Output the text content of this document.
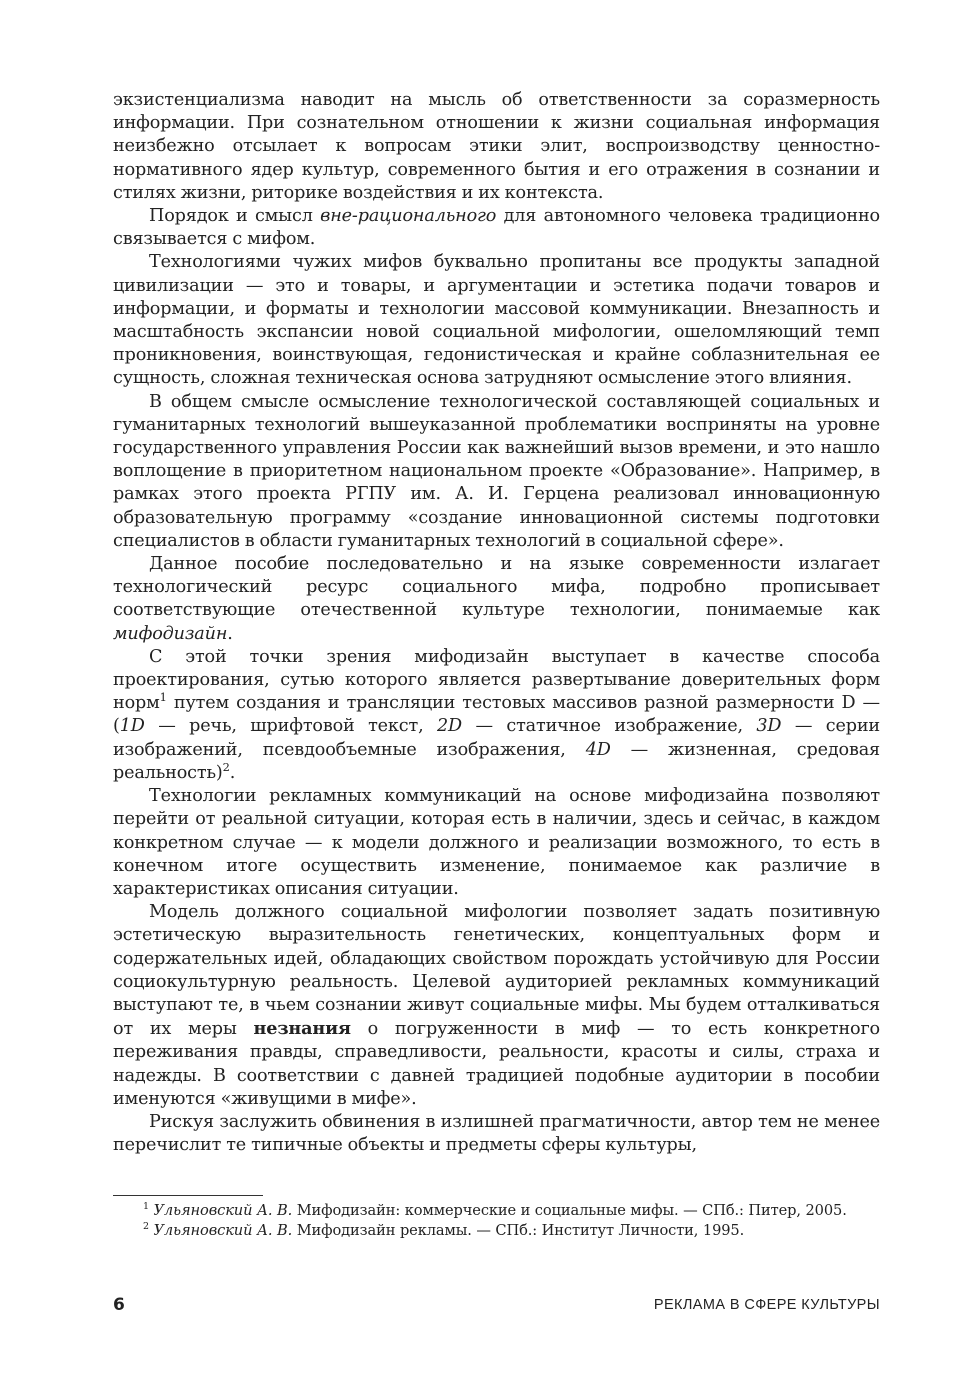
экзистенциализма наводит на мысль об ответственности за соразмерность информации. При сознательном отношении к жизни социальная информация неизбежно отсылает к вопросам этики элит, воспроизводству ценностно-нормативного ядер культур, современного бытия и его отражения в сознании и стилях жизни, риторике воздействия и их контекста.

Порядок и смысл вне-рационального для автономного человека традиционно связывается с мифом.

Технологиями чужих мифов буквально пропитаны все продукты западной цивилизации — это и товары, и аргументации и эстетика подачи товаров и информации, и форматы и технологии массовой коммуникации. Внезапность и масштабность экспансии новой социальной мифологии, ошеломляющий темп проникновения, воинствующая, гедонистическая и крайне соблазнительная ее сущность, сложная техническая основа затрудняют осмысление этого влияния.

В общем смысле осмысление технологической составляющей социальных и гуманитарных технологий вышеуказанной проблематики восприняты на уровне государственного управления России как важнейший вызов времени, и это нашло воплощение в приоритетном национальном проекте «Образование». Например, в рамках этого проекта РГПУ им. А. И. Герцена реализовал инновационную образовательную программу «создание инновационной системы подготовки специалистов в области гуманитарных технологий в социальной сфере».

Данное пособие последовательно и на языке современности излагает технологический ресурс социального мифа, подробно прописывает соответствующие отечественной культуре технологии, понимаемые как мифодизайн.

С этой точки зрения мифодизайн выступает в качестве способа проектирования, сутью которого является развертывание доверительных форм норм$^1$ путем создания и трансляции тестовых массивов разной размерности D — (1D — речь, шрифтовой текст, 2D — статичное изображение, 3D — серии изображений, псевдообъемные изображения, 4D — жизненная, средовая реальность)$^2$.

Технологии рекламных коммуникаций на основе мифодизайна позволяют перейти от реальной ситуации, которая есть в наличии, здесь и сейчас, в каждом конкретном случае — к модели должного и реализации возможного, то есть в конечном итоге осуществить изменение, понимаемое как различие в характеристиках описания ситуации.

Модель должного социальной мифологии позволяет задать позитивную эстетическую выразительность генетических, концептуальных форм и содержательных идей, обладающих свойством порождать устойчивую для России социокультурную реальность. Целевой аудиторией рекламных коммуникаций выступают те, в чьем сознании живут социальные мифы. Мы будем отталкиваться от их меры незнания о погруженности в миф — то есть конкретного переживания правды, справедливости, реальности, красоты и силы, страха и надежды. В соответствии с давней традицией подобные аудитории в пособии именуются «живущими в мифе».

Рискуя заслужить обвинения в излишней прагматичности, автор тем не менее перечислит те типичные объекты и предметы сферы культуры,

$^1$ Ульяновский А. В. Мифодизайн: коммерческие и социальные мифы. — СПб.: Питер, 2005.

$^2$ Ульяновский А. В. Мифодизайн рекламы. — СПб.: Институт Личности, 1995.

6	РЕКЛАМА В СФЕРЕ КУЛЬТУРЫ
